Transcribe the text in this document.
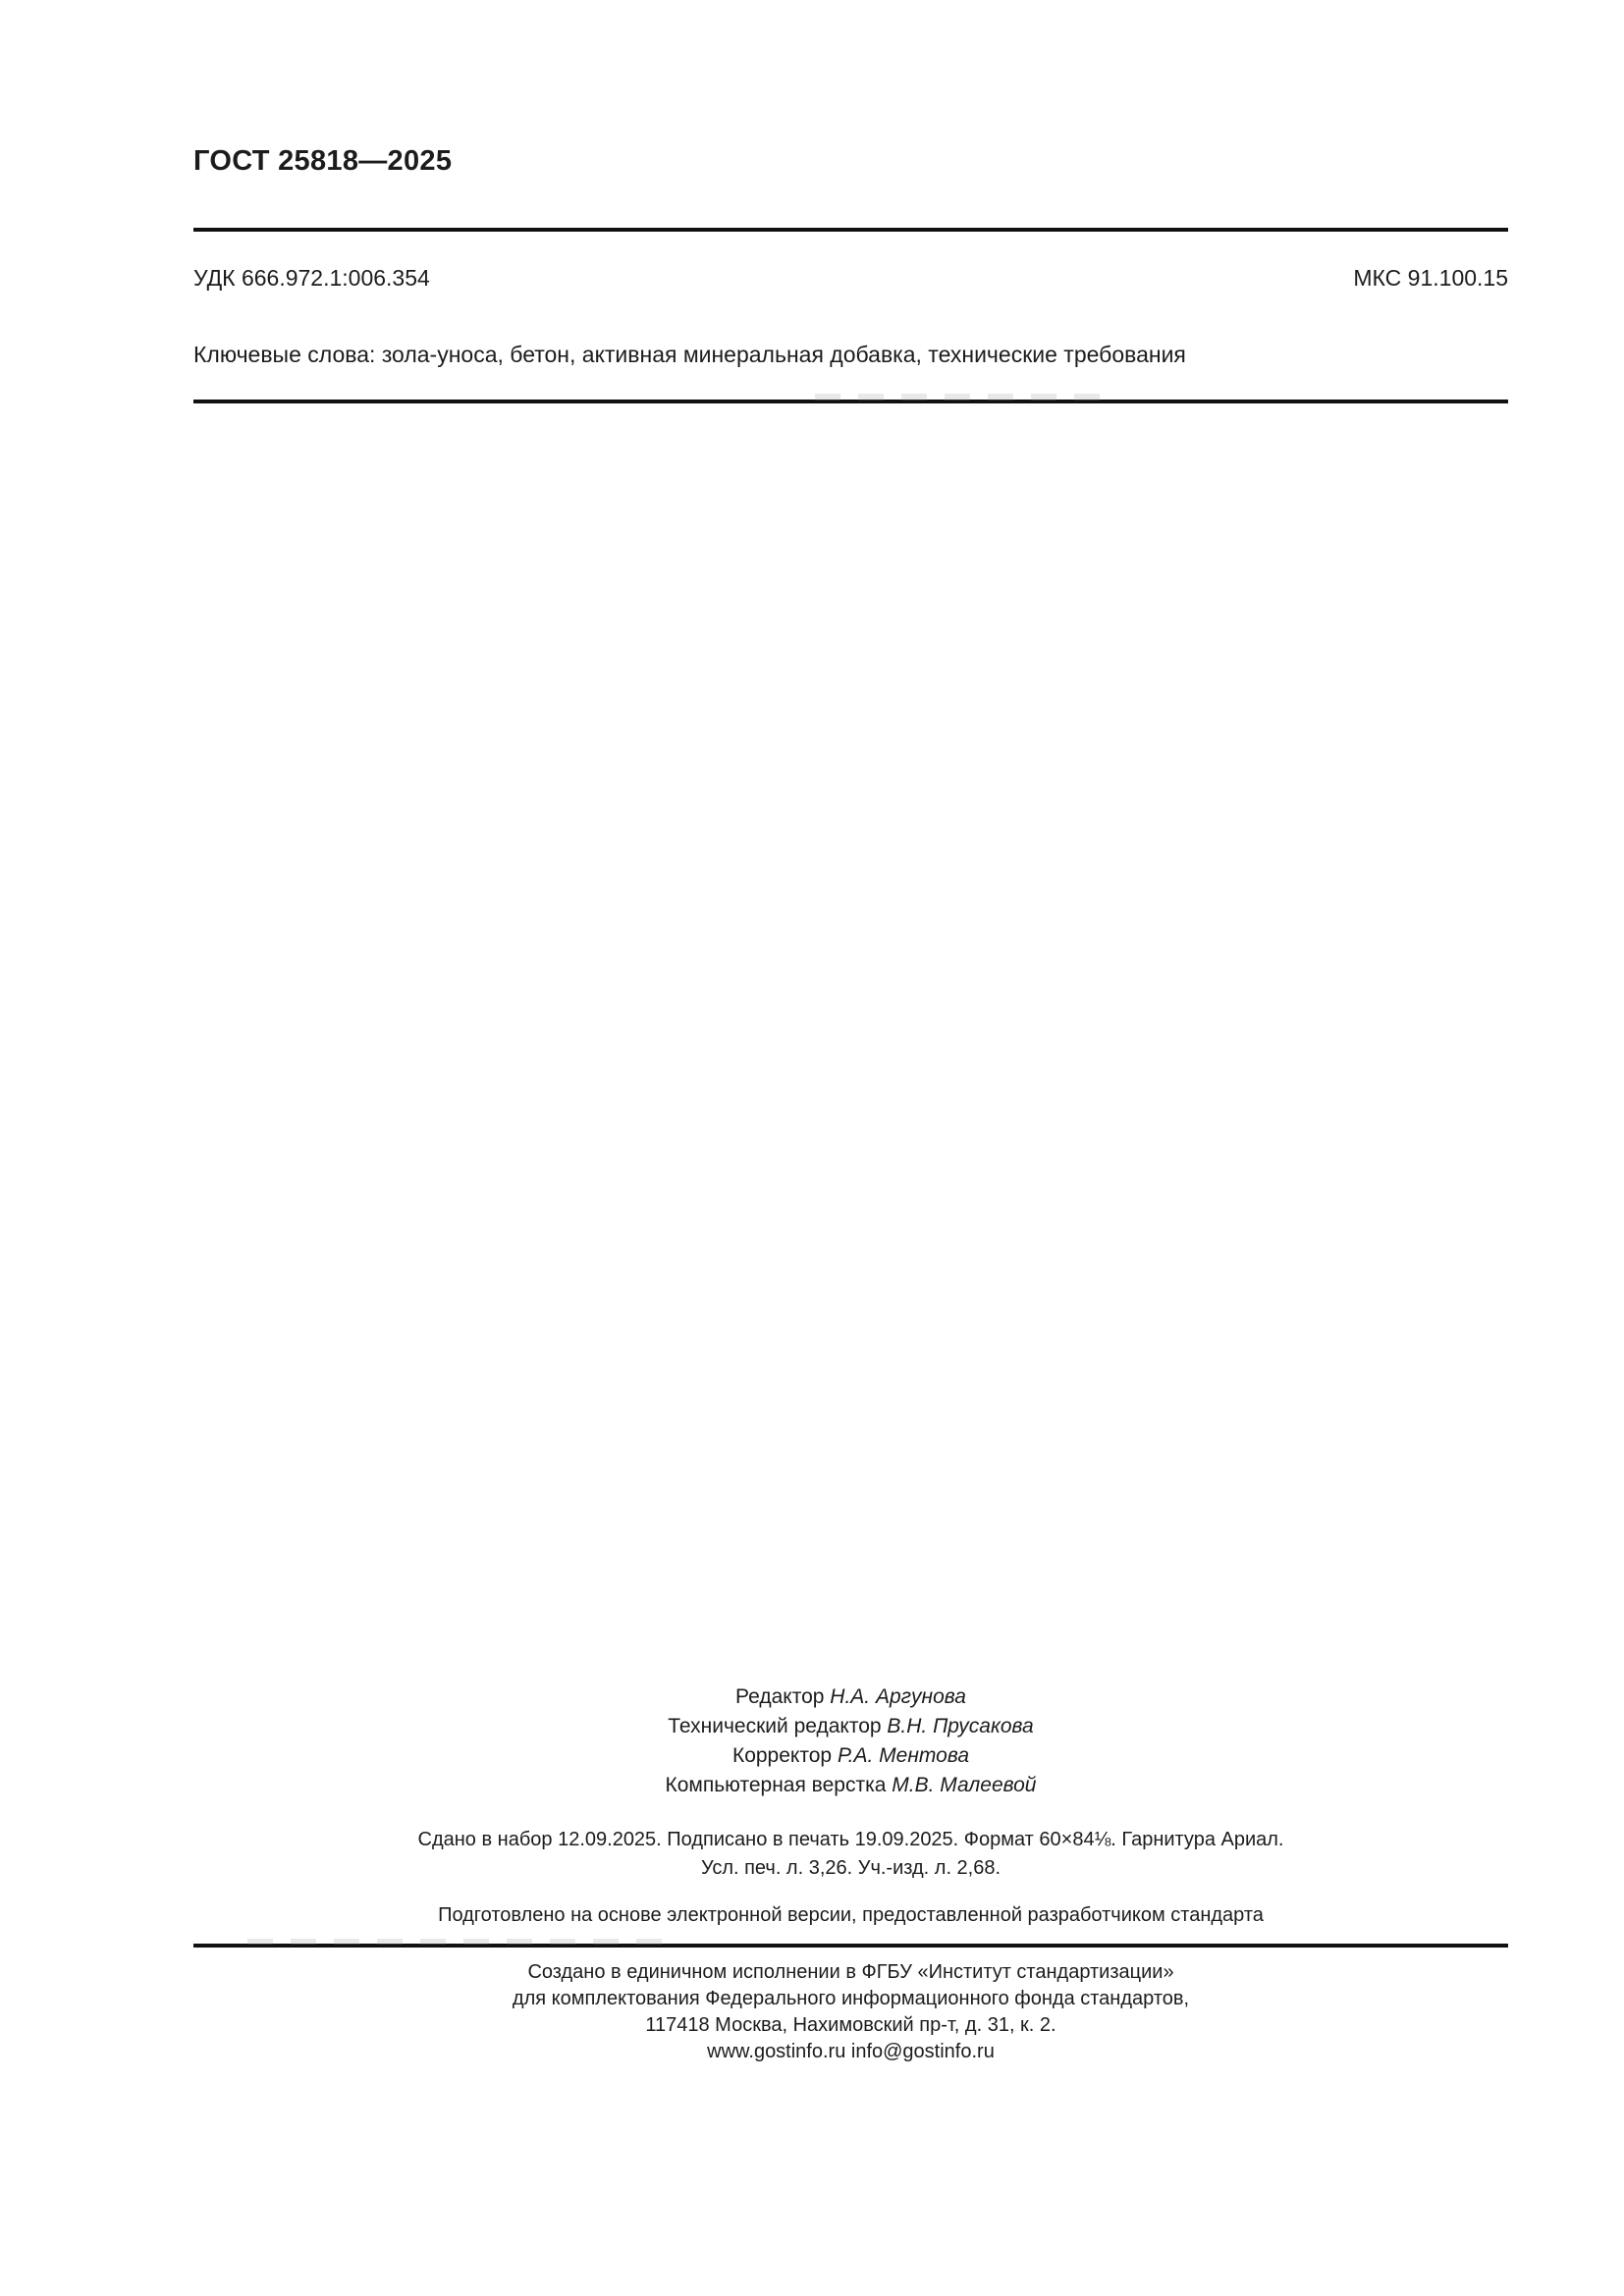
ГОСТ 25818—2025
УДК 666.972.1:006.354	МКС 91.100.15
Ключевые слова: зола-уноса, бетон, активная минеральная добавка, технические требования
Редактор Н.А. Аргунова
Технический редактор В.Н. Прусакова
Корректор Р.А. Ментова
Компьютерная верстка М.В. Малеевой
Сдано в набор 12.09.2025. Подписано в печать 19.09.2025. Формат 60×84⅛. Гарнитура Ариал.
Усл. печ. л. 3,26. Уч.-изд. л. 2,68.
Подготовлено на основе электронной версии, предоставленной разработчиком стандарта
Создано в единичном исполнении в ФГБУ «Институт стандартизации»
для комплектования Федерального информационного фонда стандартов,
117418 Москва, Нахимовский пр-т, д. 31, к. 2.
www.gostinfo.ru info@gostinfo.ru
